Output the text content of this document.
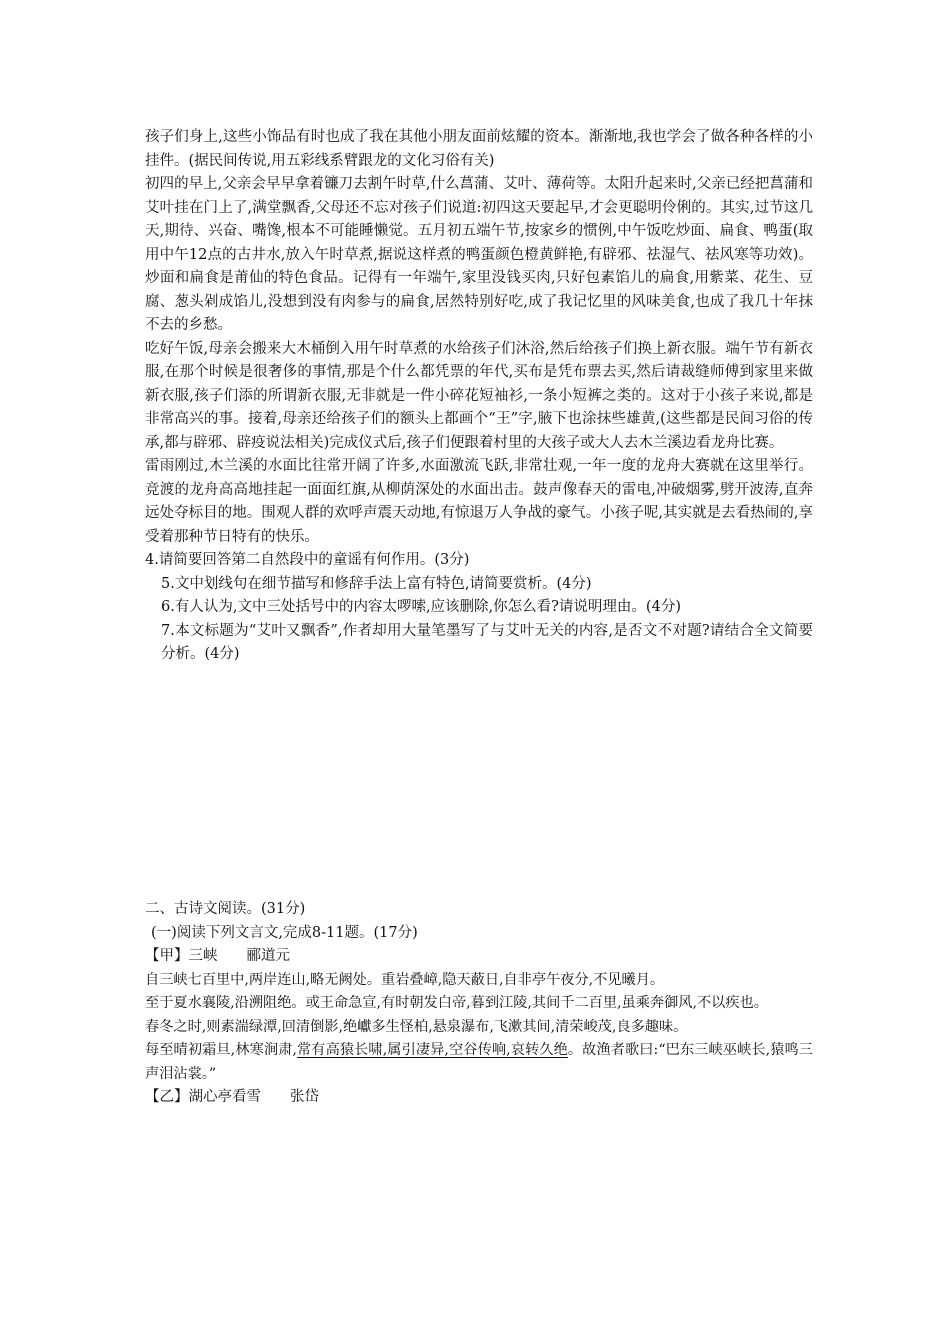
孩子们身上,这些小饰品有时也成了我在其他小朋友面前炫耀的资本。渐渐地,我也学会了做各种各样的小挂件。(据民间传说,用五彩线系臂跟龙的文化习俗有关)

初四的早上,父亲会早早拿着镰刀去割午时草,什么菖蒲、艾叶、薄荷等。太阳升起来时,父亲已经把菖蒲和艾叶挂在门上了,满堂飘香,父母还不忘对孩子们说道:初四这天要起早,才会更聪明伶俐的。其实,过节这几天,期待、兴奋、嘴馋,根本不可能睡懒觉。五月初五端午节,按家乡的惯例,中午饭吃炒面、扁食、鸭蛋(取用中午12点的古井水,放入午时草煮,据说这样煮的鸭蛋颜色橙黄鲜艳,有辟邪、祛湿气、祛风寒等功效)。炒面和扁食是莆仙的特色食品。记得有一年端午,家里没钱买肉,只好包素馅儿的扁食,用紫菜、花生、豆腐、葱头剁成馅儿,没想到没有肉参与的扁食,居然特别好吃,成了我记忆里的风味美食,也成了我几十年抹不去的乡愁。

吃好午饭,母亲会搬来大木桶倒入用午时草煮的水给孩子们沐浴,然后给孩子们换上新衣服。端午节有新衣服,在那个时候是很奢侈的事情,那是个什么都凭票的年代,买布是凭布票去买,然后请裁缝师傅到家里来做新衣服,孩子们添的所谓新衣服,无非就是一件小碎花短袖衫,一条小短裤之类的。这对于小孩子来说,都是非常高兴的事。接着,母亲还给孩子们的额头上都画个“王”字,腋下也涂抹些雄黄,(这些都是民间习俗的传承,都与辟邪、辟疫说法相关)完成仪式后,孩子们便跟着村里的大孩子或大人去木兰溪边看龙舟比赛。

雷雨刚过,木兰溪的水面比往常开阔了许多,水面激流飞跃,非常壮观,一年一度的龙舟大赛就在这里举行。竞渡的龙舟高高地挂起一面面红旗,从柳荫深处的水面出击。鼓声像春天的雷电,冲破烟雾,劈开波涛,直奔远处夺标目的地。围观人群的欢呼声震天动地,有惊退万人争战的豪气。小孩子呢,其实就是去看热闹的,享受着那种节日特有的快乐。

4.请简要回答第二自然段中的童谣有何作用。(3分)

5.文中划线句在细节描写和修辞手法上富有特色,请简要赏析。(4分)

6.有人认为,文中三处括号中的内容太啰嗦,应该删除,你怎么看?请说明理由。(4分)

7.本文标题为“艾叶又飘香”,作者却用大量笔墨写了与艾叶无关的内容,是否文不对题?请结合全文简要分析。(4分)

二、古诗文阅读。(31分)

(一)阅读下列文言文,完成8-11题。(17分)

【甲】三峡　　郦道元

自三峡七百里中,两岸连山,略无阙处。重岩叠嶂,隐天蔽日,自非亭午夜分,不见曦月。

至于夏水襄陵,沿溯阻绝。或王命急宣,有时朝发白帝,暮到江陵,其间千二百里,虽乘奔御风,不以疾也。

春冬之时,则素湍绿潭,回清倒影,绝巘多生怪柏,悬泉瀑布,飞漱其间,清荣峻茂,良多趣味。

每至晴初霜旦,林寒涧肃,常有高猿长啸,属引凄异,空谷传响,哀转久绝。故渔者歌曰:“巴东三峡巫峡长,猿鸣三声泪沾裳。”

【乙】湖心亭看雪　　张岱
